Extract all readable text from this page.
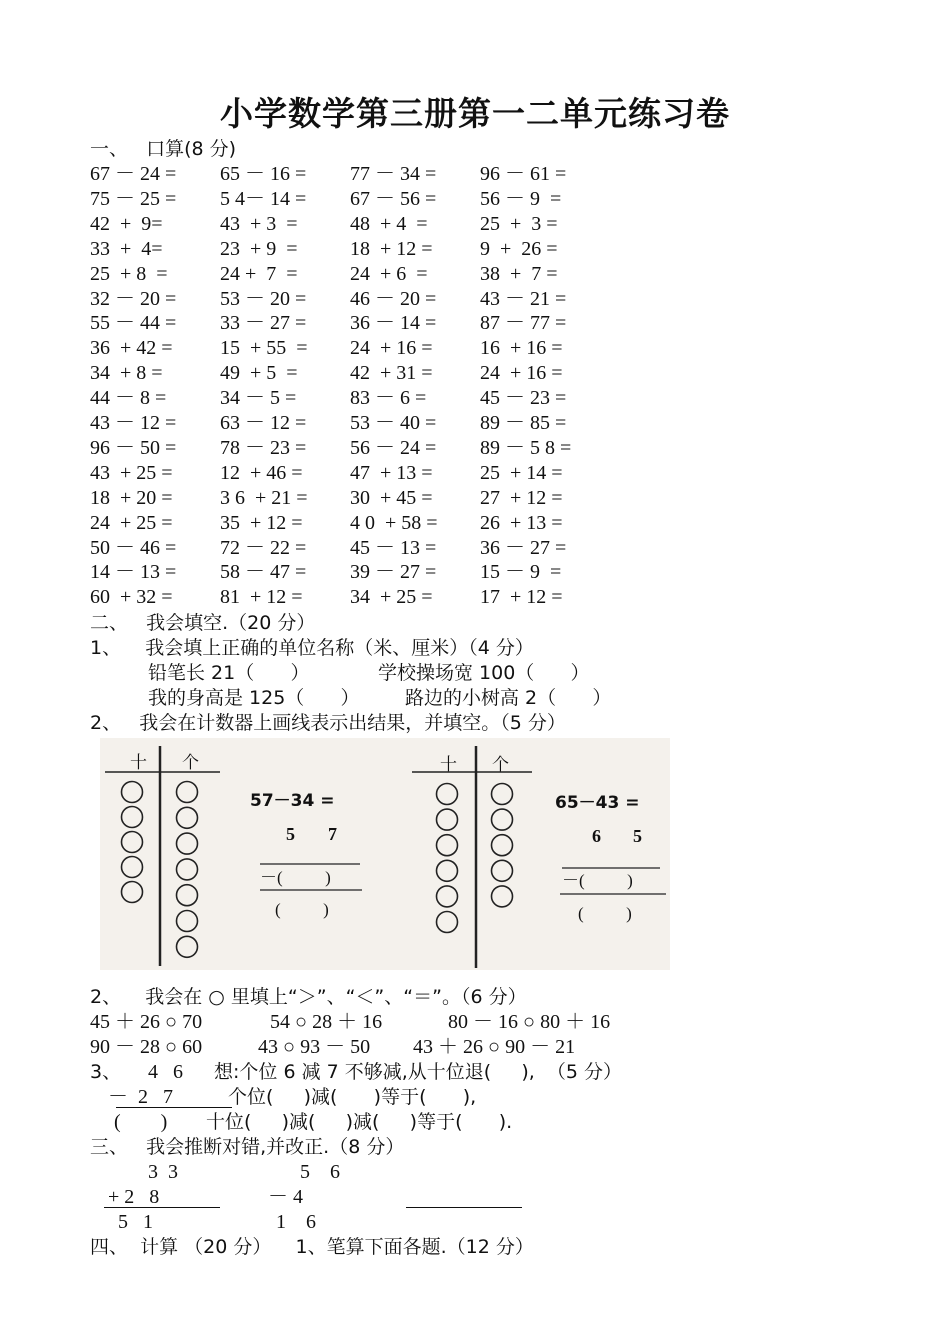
小学数学第三册第一二单元练习卷
一、   口算(8 分)
67 － 24 = 65 － 16 = 77 － 34 = 96 － 61 =
75 － 25 = 5 4－ 14 = 67 － 56 = 56 － 9  =
42  +  9=	43  + 3  =	48  + 4  =	25  +  3 =
33  +  4=	23  + 9  =	18  + 12 = 9  +  26 =
25  + 8  =	24 +  7  =	24  + 6  =	38  +  7 =
32 － 20 = 53 － 20 = 46 － 20 = 43 － 21 =
55 － 44 = 33 － 27 = 36 － 14 = 87 － 77 =
36  + 42 = 15  + 55  = 24  + 16 = 16  + 16 =
34  + 8 =	49  + 5  =	42  + 31 = 24  + 16 =
44 － 8 =	34 － 5 =	83 － 6 =	45 － 23 =
43 － 12 = 63 － 12 = 53 － 40 = 89 － 85 =
96 － 50 = 78 － 23 = 56 － 24 = 89 － 5 8 =
43  + 25 = 12  + 46 = 47  + 13 = 25  + 14 =
18  + 20 = 3 6  + 21 = 30  + 45 = 27  + 12 =
24  + 25 = 35  + 12 = 4 0  + 58 = 26  + 13 =
50 － 46 = 72 － 22 = 45 － 13 = 36 － 27 =
14 － 13 = 58 － 47 = 39 － 27 = 15 － 9  =
60  + 32 = 81  + 12 = 34  + 25 = 17  + 12 =
二、   我会填空.（20 分）
1、    我会填上正确的单位名称（米、厘米）（4 分）
铅笔长 21（      ）	学校操场宽 100（      ）
我的身高是 125（      ） 路边的小树高 2（      ）
2、   我会在计数器上画线表示出结果，并填空。（5 分）
十 个
57－34 =
5 7
－(          )
(          )
十 个
65－43 =
6 5
－(          )
(          )
2、    我会在 ○ 里填上“＞”、“＜”、“＝”。（6 分）
45 ＋ 26 ○ 70	54 ○ 28 ＋ 16	80 － 16 ○ 80 ＋ 16
90 － 28 ○ 60	43 ○ 93 － 50 43 ＋ 26 ○ 90 － 21
3、 4   6 想:个位 6 减 7 不够减,从十位退(     ),  （5 分）
－  2   7	个位(     )减(      )等于(      ),
(        ) 十位(     )减(     )减(     )等于(      ).
三、   我会推断对错,并改正.（8 分）
3  3
+ 2   8
5   1
5    6
－ 4
1    6
四、  计算 （20 分）    1、笔算下面各题.（12 分）
